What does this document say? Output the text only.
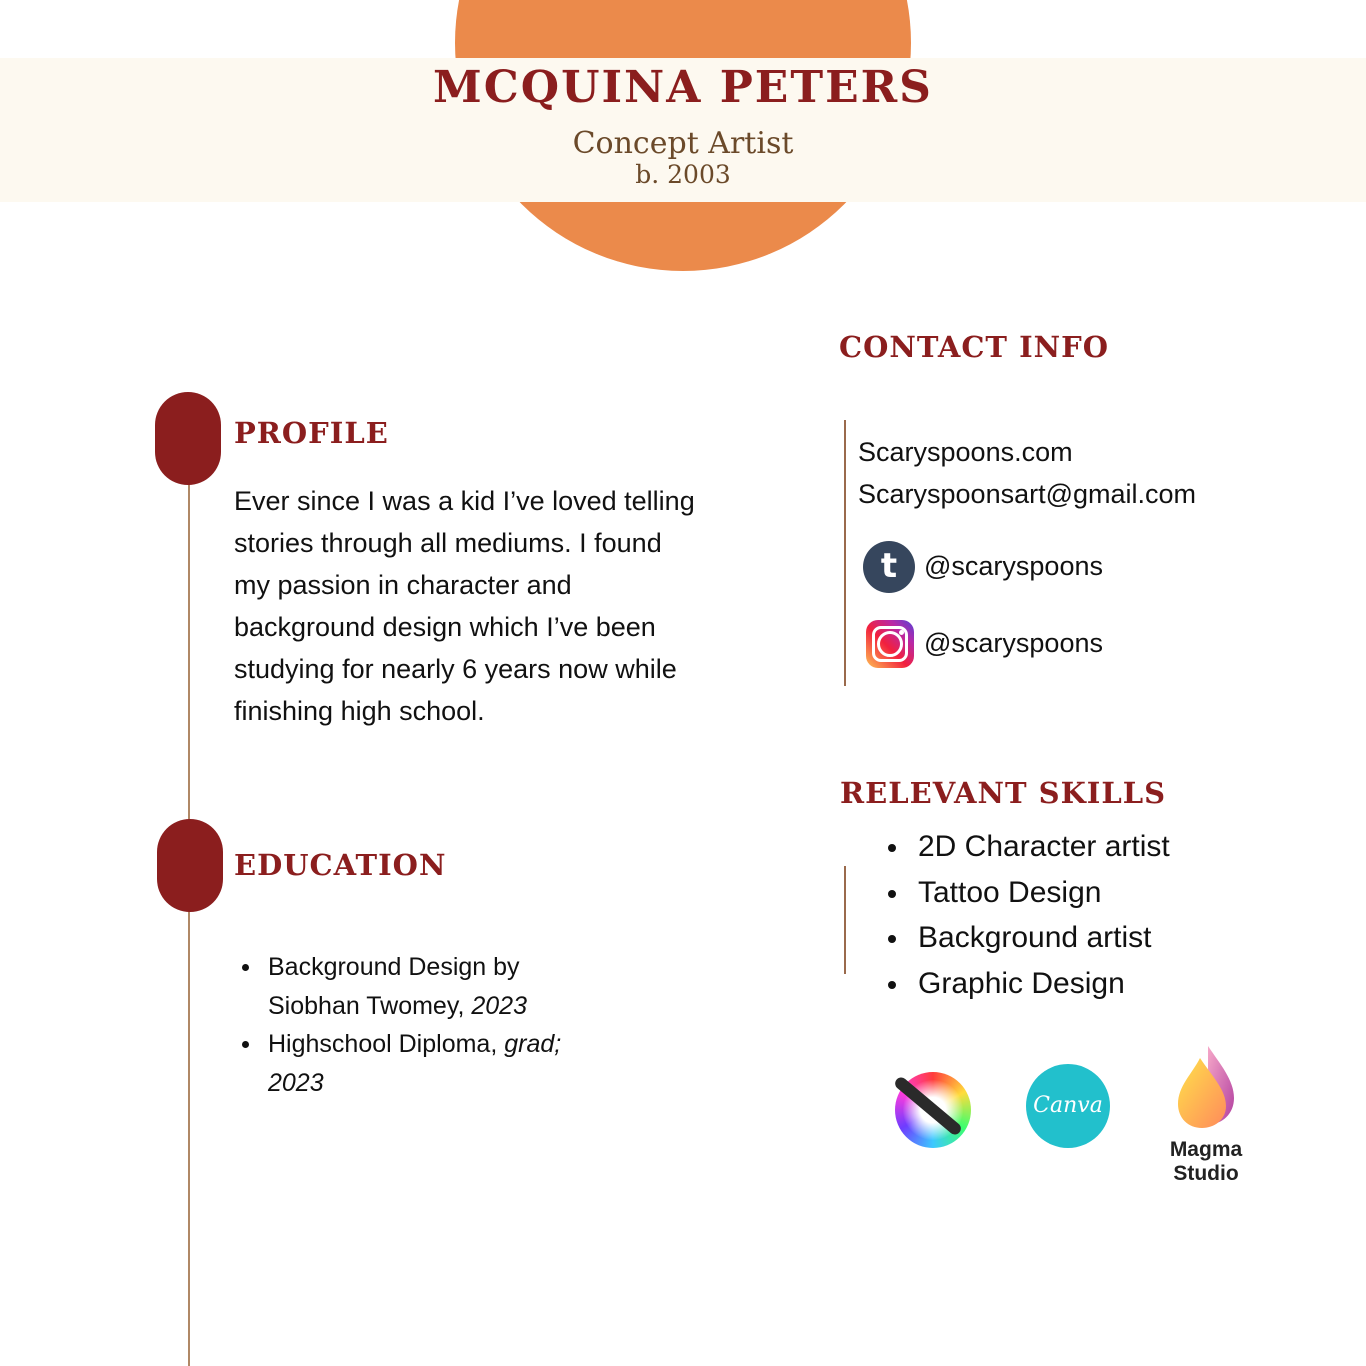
MCQUINA PETERS
Concept Artist
b. 2003
PROFILE

Ever since I was a kid I’ve loved telling stories through all mediums. I found my passion in character and background design which I’ve been studying for nearly 6 years now while finishing high school.

EDUCATION
Background Design by Siobhan Twomey, 2023
Highschool Diploma, grad; 2023
CONTACT INFO
Scaryspoons.com
Scaryspoonsart@gmail.com
t @scaryspoons
@scaryspoons
RELEVANT SKILLS
2D Character artist
Tattoo Design
Background artist
Graphic Design
Canva
Magma Studio
